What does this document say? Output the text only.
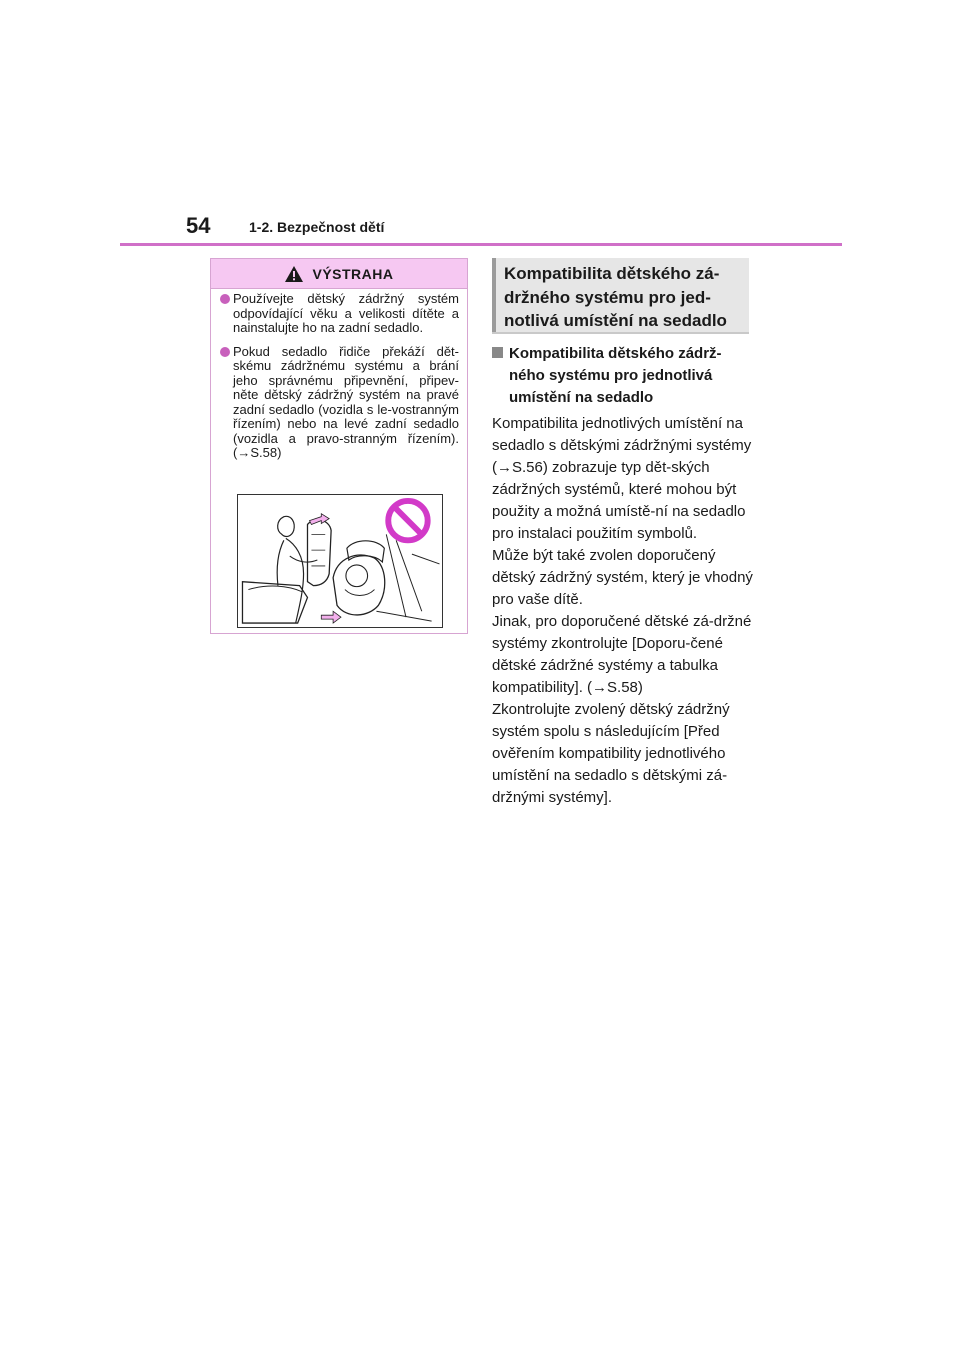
54	1-2. Bezpečnost dětí
VÝSTRAHA
Používejte dětský zádržný systém odpovídající věku a velikosti dítěte a nainstalujte ho na zadní sedadlo.
Pokud sedadlo řidiče překáží dět-skému zádržnému systému a brání jeho správnému připevnění, připev-něte dětský zádržný systém na pravé zadní sedadlo (vozidla s le-vostranným řízením) nebo na levé zadní sedadlo (vozidla a pravo-stranným řízením). (→S.58)

Kompatibilita dětského zá-držného systému pro jed-notlivá umístění na sedadlo

Kompatibilita dětského zádrž-ného systému pro jednotlivá umístění na sedadlo

Kompatibilita jednotlivých umístění na sedadlo s dětskými zádržnými systémy (→S.56) zobrazuje typ dět-ských zádržných systémů, které mohou být použity a možná umístě-ní na sedadlo pro instalaci použitím symbolů.

Může být také zvolen doporučený dětský zádržný systém, který je vhodný pro vaše dítě.

Jinak, pro doporučené dětské zá-držné systémy zkontrolujte [Doporu-čené dětské zádržné systémy a tabulka kompatibility]. (→S.58)

Zkontrolujte zvolený dětský zádržný systém spolu s následujícím [Před ověřením kompatibility jednotlivého umístění na sedadlo s dětskými zá-držnými systémy].
